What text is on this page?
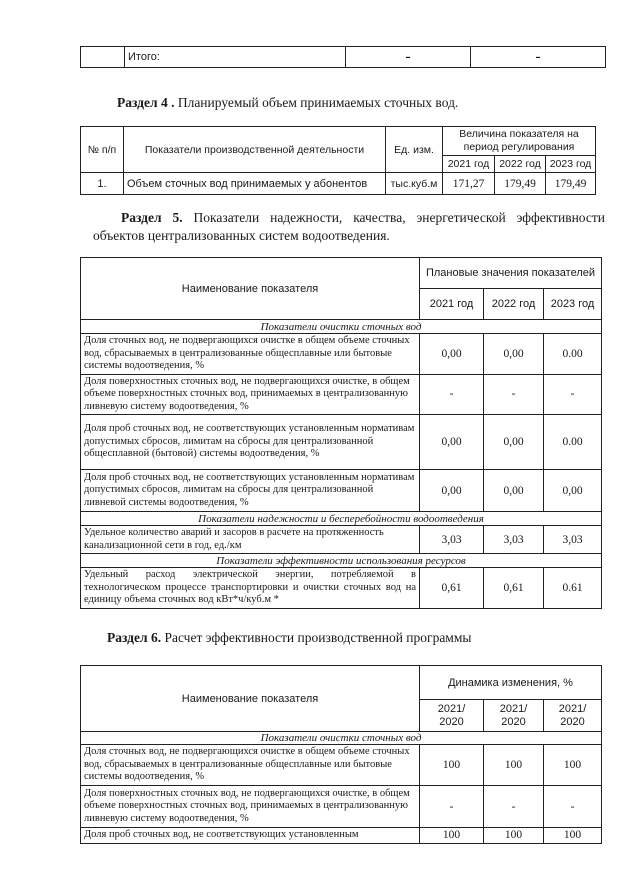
	Итого:	-	-
Раздел 4 . Планируемый объем принимаемых сточных вод.
№ п/п	Показатели производственной деятельности	Ед. изм.	Величина показателя на период регулирования		
			2021 год	2022 год	2023 год
1.	Объем сточных вод принимаемых у абонентов	тыс.куб.м	171,27	179,49	179,49
Раздел 5. Показатели надежности, качества, энергетической эффективности объектов централизованных систем водоотведения.
Наименование показателя	Плановые значения показателей		
	2021 год	2022 год	2023 год
Показатели очистки сточных вод			
Доля сточных вод, не подвергающихся очистке в общем объеме сточных вод, сбрасываемых в централизованные общесплавные или бытовые системы водоотведения, %	0,00	0,00	0.00
Доля поверхностных сточных вод, не подвергающихся очистке, в общем объеме поверхностных сточных вод, принимаемых в централизованную ливневую систему водоотведения, %	-	-	-
Доля проб сточных вод, не соответствующих установленным нормативам допустимых сбросов, лимитам на сбросы для централизованной общесплавной (бытовой) системы водоотведения, %	0,00	0,00	0.00
Доля проб сточных вод, не соответствующих установленным нормативам допустимых сбросов, лимитам на сбросы для централизованной ливневой системы водоотведения, %	0,00	0,00	0,00
Показатели надежности и бесперебойности водоотведения			
Удельное количество аварий и засоров в расчете на протяженность канализационной сети в год, ед./км	3,03	3,03	3,03
Показатели эффективности использования ресурсов			
Удельный расход электрической энергии, потребляемой в технологическом процессе транспортировки и очистки сточных вод на единицу объема сточных вод кВт*ч/куб.м *	0,61	0,61	0.61
Раздел 6. Расчет эффективности производственной программы
Наименование показателя	Динамика изменения, %		
	2021/ 2020	2021/ 2020	2021/ 2020
Показатели очистки сточных вод			
Доля сточных вод, не подвергающихся очистке в общем объеме сточных вод, сбрасываемых в централизованные общесплавные или бытовые системы водоотведения, %	100	100	100
Доля поверхностных сточных вод, не подвергающихся очистке, в общем объеме поверхностных сточных вод, принимаемых в централизованную ливневую систему водоотведения, %	-	-	-
Доля проб сточных вод, не соответствующих установленным	100	100	100
